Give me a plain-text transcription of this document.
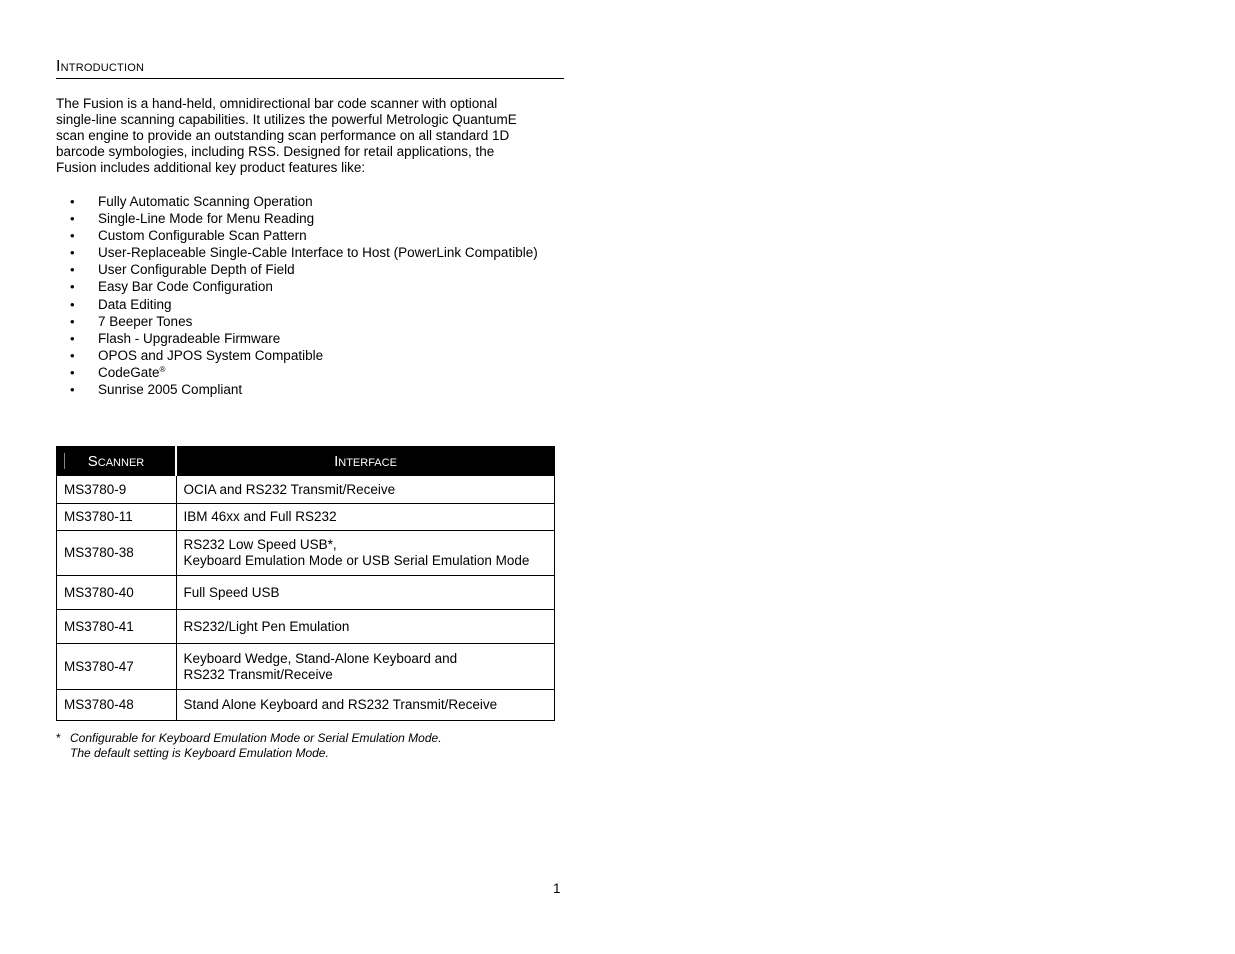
Introduction
The Fusion is a hand-held, omnidirectional bar code scanner with optional
single-line scanning capabilities. It utilizes the powerful Metrologic QuantumE
scan engine to provide an outstanding scan performance on all standard 1D
barcode symbologies, including RSS. Designed for retail applications, the
Fusion includes additional key product features like:
• Fully Automatic Scanning Operation
• Single-Line Mode for Menu Reading
• Custom Configurable Scan Pattern
• User-Replaceable Single-Cable Interface to Host (PowerLink Compatible)
• User Configurable Depth of Field
• Easy Bar Code Configuration
• Data Editing
• 7 Beeper Tones
• Flash - Upgradeable Firmware
• OPOS and JPOS System Compatible
• CodeGate®
• Sunrise 2005 Compliant
Scanner	Interface
MS3780-9	OCIA and RS232 Transmit/Receive

MS3780-11	IBM 46xx and Full RS232

MS3780-38	RS232 Low Speed USB*,
Keyboard Emulation Mode or USB Serial Emulation Mode

MS3780-40	Full Speed USB

MS3780-41	RS232/Light Pen Emulation

MS3780-47	Keyboard Wedge, Stand-Alone Keyboard and
RS232 Transmit/Receive

MS3780-48	Stand Alone Keyboard and RS232 Transmit/Receive
* Configurable for Keyboard Emulation Mode or Serial Emulation Mode.
The default setting is Keyboard Emulation Mode.
1
